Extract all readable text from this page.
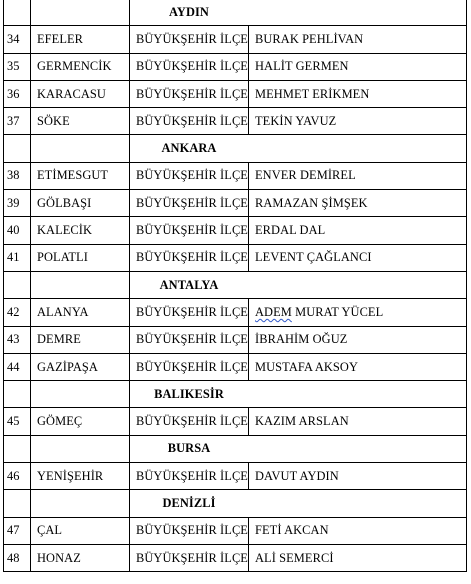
		AYDIN	
34	EFELER	BÜYÜKŞEHİR İLÇE	BURAK PEHLİVAN
35	GERMENCİK	BÜYÜKŞEHİR İLÇE	HALİT GERMEN
36	KARACASU	BÜYÜKŞEHİR İLÇE	MEHMET ERİKMEN
37	SÖKE	BÜYÜKŞEHİR İLÇE	TEKİN YAVUZ
		ANKARA	
38	ETİMESGUT	BÜYÜKŞEHİR İLÇE	ENVER DEMİREL
39	GÖLBAŞI	BÜYÜKŞEHİR İLÇE	RAMAZAN ŞİMŞEK
40	KALECİK	BÜYÜKŞEHİR İLÇE	ERDAL DAL
41	POLATLI	BÜYÜKŞEHİR İLÇE	LEVENT ÇAĞLANCI
		ANTALYA	
42	ALANYA	BÜYÜKŞEHİR İLÇE	ADEM MURAT YÜCEL
43	DEMRE	BÜYÜKŞEHİR İLÇE	İBRAHİM OĞUZ
44	GAZİPAŞA	BÜYÜKŞEHİR İLÇE	MUSTAFA AKSOY
		BALIKESİR	
45	GÖMEÇ	BÜYÜKŞEHİR İLÇE	KAZIM ARSLAN
		BURSA	
46	YENİŞEHİR	BÜYÜKŞEHİR İLÇE	DAVUT AYDIN
		DENİZLİ	
47	ÇAL	BÜYÜKŞEHİR İLÇE	FETİ AKCAN
48	HONAZ	BÜYÜKŞEHİR İLÇE	ALİ SEMERCİ
